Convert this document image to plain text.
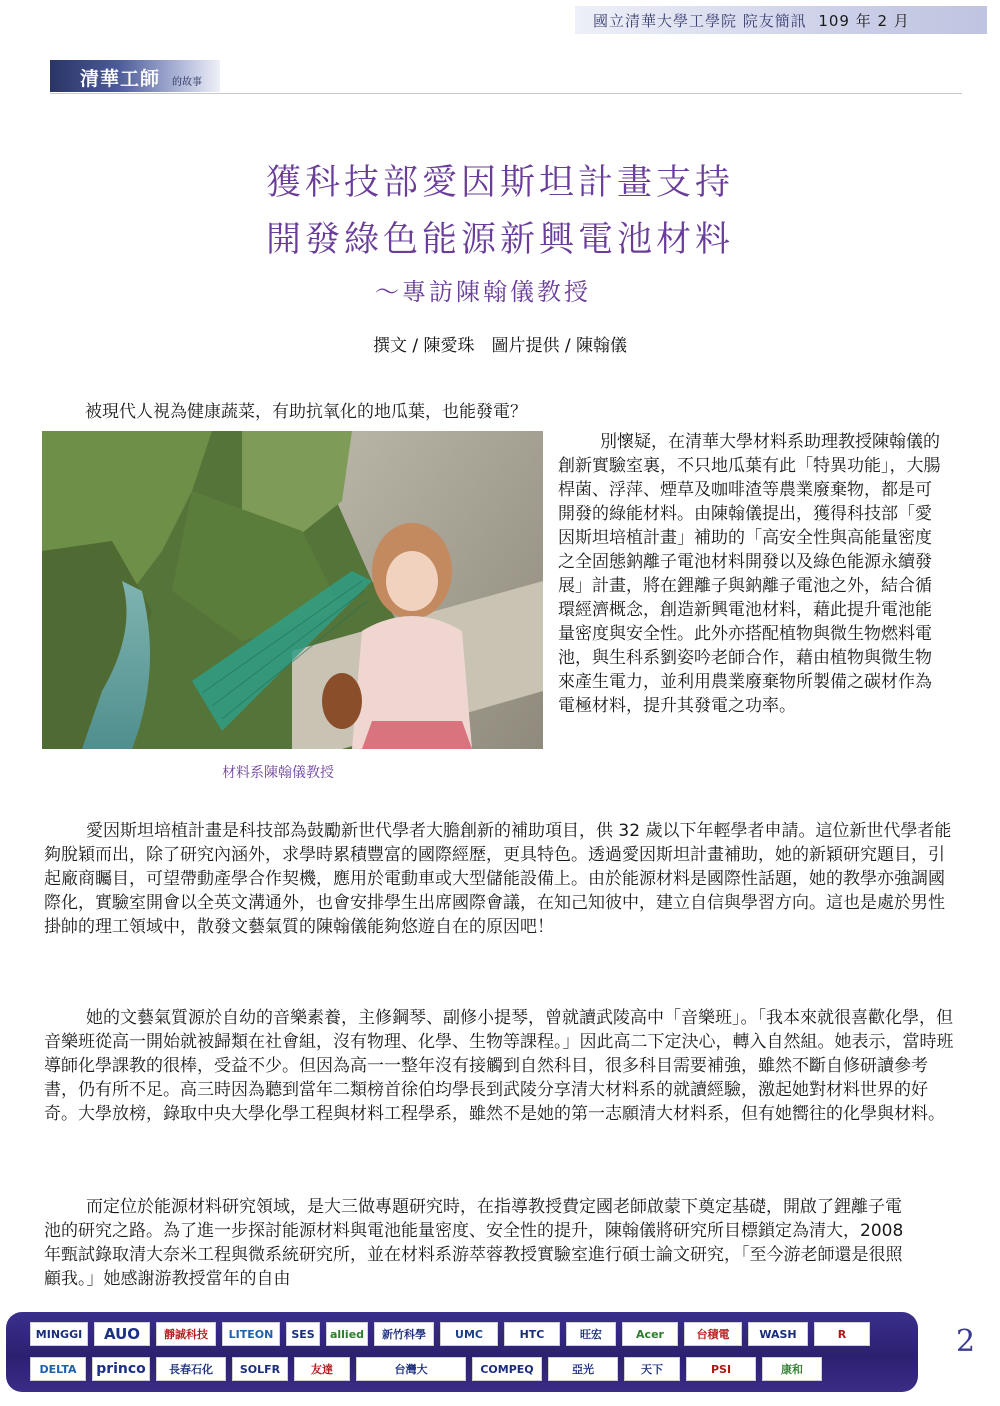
國立清華大學工學院 院友簡訊 109 年 2 月
清華工師 的故事
獲科技部愛因斯坦計畫支持
開發綠色能源新興電池材料
～專訪陳翰儀教授
撰文 / 陳愛珠　圖片提供 / 陳翰儀

被現代人視為健康蔬菜，有助抗氧化的地瓜葉，也能發電？

材料系陳翰儀教授

別懷疑，在清華大學材料系助理教授陳翰儀的創新實驗室裏，不只地瓜葉有此「特異功能」，大腸桿菌、浮萍、煙草及咖啡渣等農業廢棄物，都是可開發的綠能材料。由陳翰儀提出，獲得科技部「愛因斯坦培植計畫」補助的「高安全性與高能量密度之全固態鈉離子電池材料開發以及綠色能源永續發展」計畫，將在鋰離子與鈉離子電池之外，結合循環經濟概念，創造新興電池材料，藉此提升電池能量密度與安全性。此外亦搭配植物與微生物燃料電池，與生科系劉姿吟老師合作，藉由植物與微生物來產生電力，並利用農業廢棄物所製備之碳材作為電極材料，提升其發電之功率。

愛因斯坦培植計畫是科技部為鼓勵新世代學者大膽創新的補助項目，供 32 歲以下年輕學者申請。這位新世代學者能夠脫穎而出，除了研究內涵外，求學時累積豐富的國際經歷，更具特色。透過愛因斯坦計畫補助，她的新穎研究題目，引起廠商矚目，可望帶動產學合作契機，應用於電動車或大型儲能設備上。由於能源材料是國際性話題，她的教學亦強調國際化，實驗室開會以全英文溝通外，也會安排學生出席國際會議，在知己知彼中，建立自信與學習方向。這也是處於男性掛帥的理工領域中，散發文藝氣質的陳翰儀能夠悠遊自在的原因吧！

她的文藝氣質源於自幼的音樂素養，主修鋼琴、副修小提琴，曾就讀武陵高中「音樂班」。「我本來就很喜歡化學，但音樂班從高一開始就被歸類在社會組，沒有物理、化學、生物等課程。」因此高二下定決心，轉入自然組。她表示，當時班導師化學課教的很棒，受益不少。但因為高一一整年沒有接觸到自然科目，很多科目需要補強，雖然不斷自修研讀參考書，仍有所不足。高三時因為聽到當年二類榜首徐伯均學長到武陵分享清大材料系的就讀經驗，激起她對材料世界的好奇。大學放榜，錄取中央大學化學工程與材料工程學系，雖然不是她的第一志願清大材料系，但有她嚮往的化學與材料。

而定位於能源材料研究領域，是大三做專題研究時，在指導教授費定國老師啟蒙下奠定基礎，開啟了鋰離子電池的研究之路。為了進一步探討能源材料與電池能量密度、安全性的提升，陳翰儀將研究所目標鎖定為清大，2008 年甄試錄取清大奈米工程與微系統研究所，並在材料系游萃蓉教授實驗室進行碩士論文研究，「至今游老師還是很照顧我。」她感謝游教授當年的自由

MINGGI	AUO	靜誠科技	LITEON	SES	allied	新竹科學	UMC	HTC	旺宏	Acer	台積電	WASH	R
DELTA	princo	長春石化	SOLFR	友達	台灣大	COMPEQ	亞光	天下	PSI	康和
2
